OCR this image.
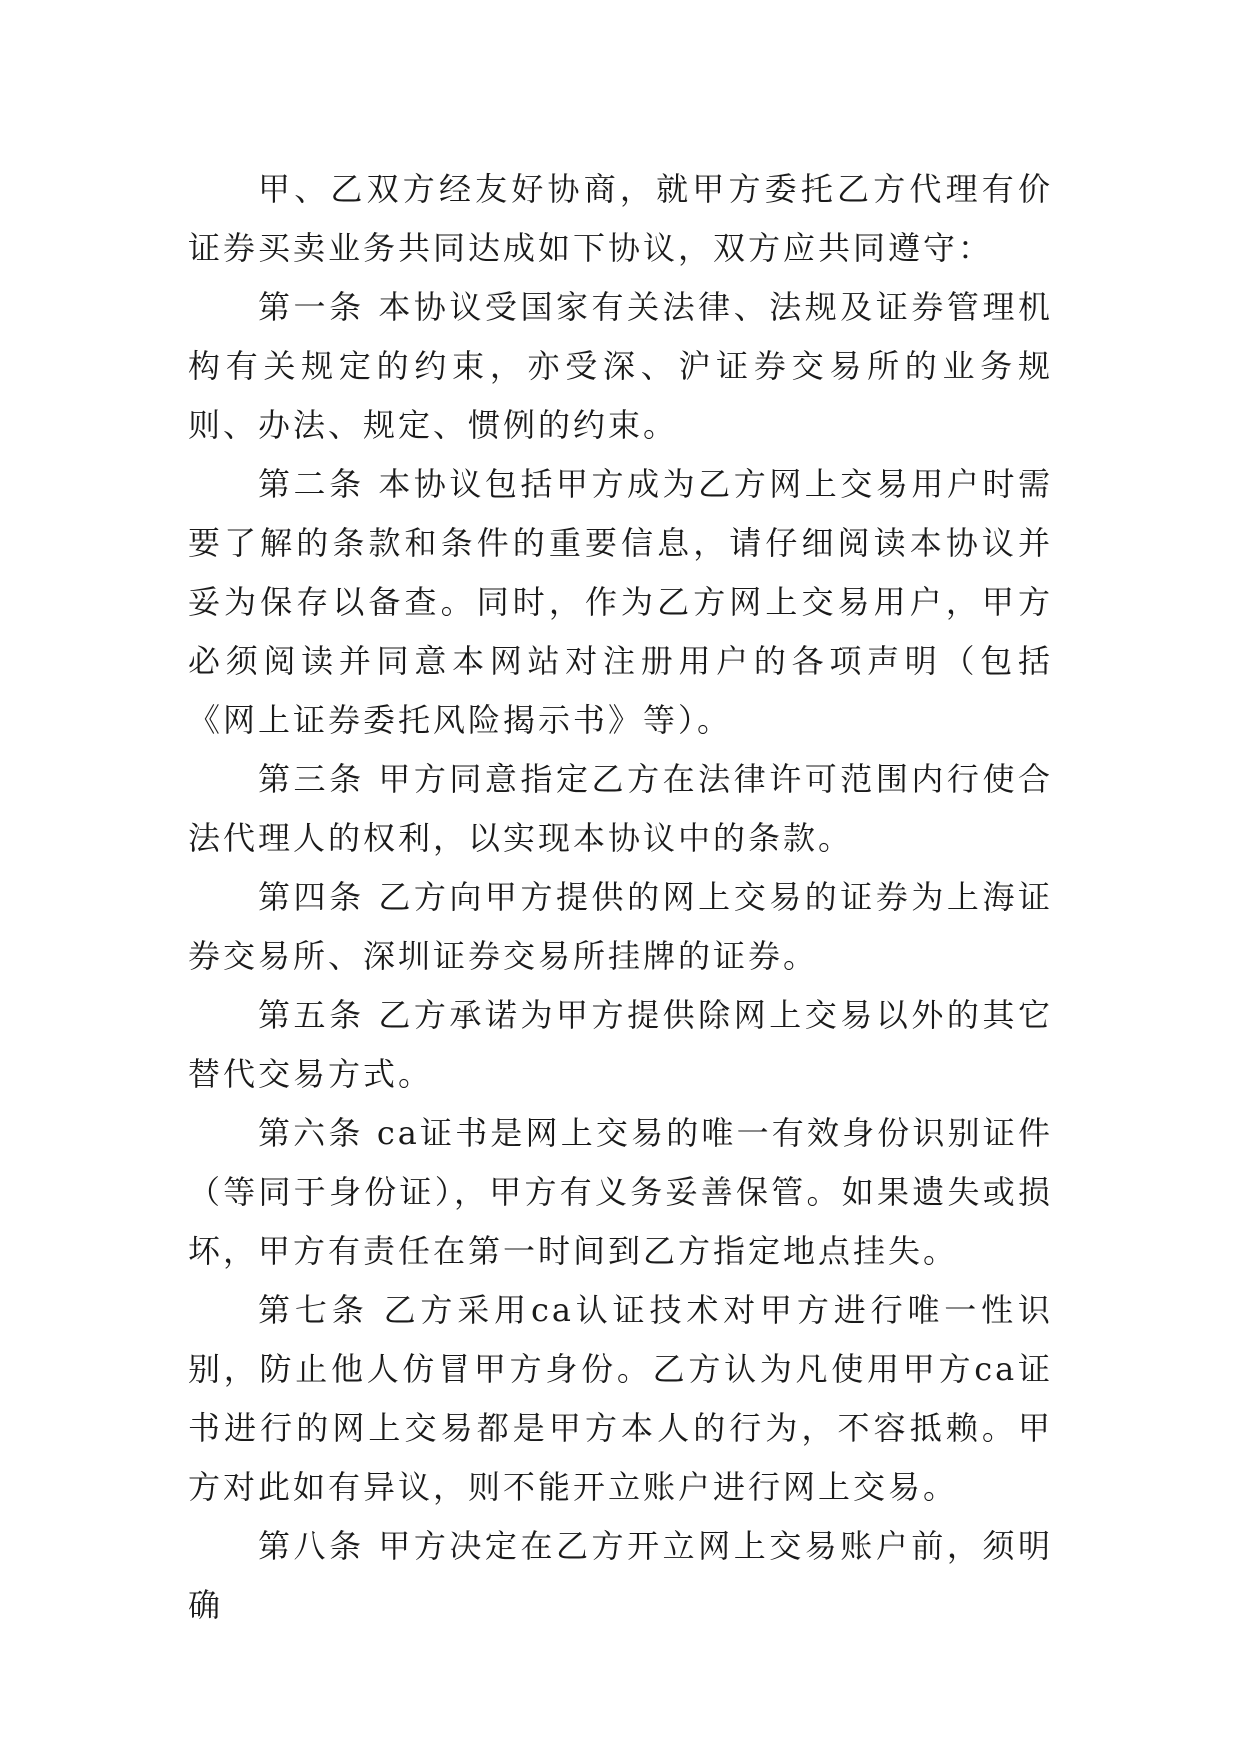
甲、乙双方经友好协商，就甲方委托乙方代理有价证券买卖业务共同达成如下协议，双方应共同遵守：

第一条 本协议受国家有关法律、法规及证券管理机构有关规定的约束，亦受深、沪证券交易所的业务规则、办法、规定、惯例的约束。

第二条 本协议包括甲方成为乙方网上交易用户时需要了解的条款和条件的重要信息，请仔细阅读本协议并妥为保存以备查。同时，作为乙方网上交易用户，甲方必须阅读并同意本网站对注册用户的各项声明（包括《网上证券委托风险揭示书》等）。

第三条 甲方同意指定乙方在法律许可范围内行使合法代理人的权利，以实现本协议中的条款。

第四条 乙方向甲方提供的网上交易的证券为上海证券交易所、深圳证券交易所挂牌的证券。

第五条 乙方承诺为甲方提供除网上交易以外的其它替代交易方式。

第六条 ca证书是网上交易的唯一有效身份识别证件（等同于身份证），甲方有义务妥善保管。如果遗失或损坏，甲方有责任在第一时间到乙方指定地点挂失。

第七条 乙方采用ca认证技术对甲方进行唯一性识别，防止他人仿冒甲方身份。乙方认为凡使用甲方ca证书进行的网上交易都是甲方本人的行为，不容抵赖。甲方对此如有异议，则不能开立账户进行网上交易。

第八条 甲方决定在乙方开立网上交易账户前，须明确
